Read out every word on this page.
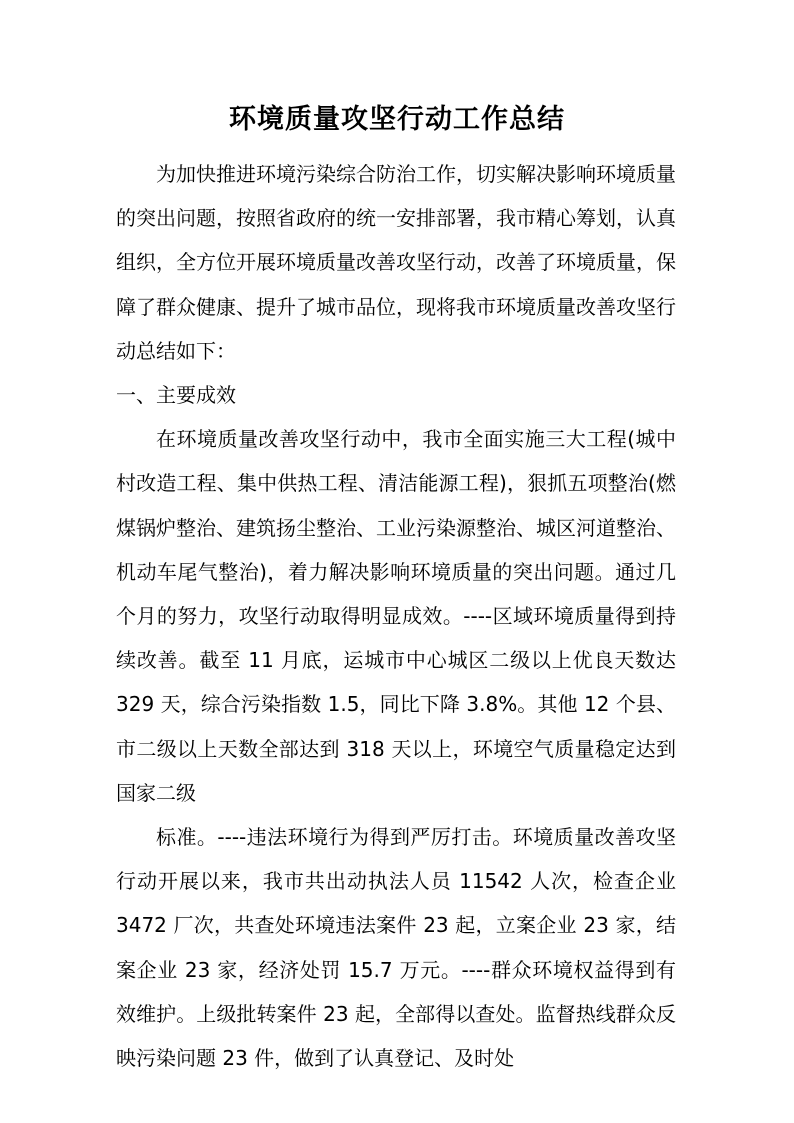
环境质量攻坚行动工作总结

为加快推进环境污染综合防治工作，切实解决影响环境质量的突出问题，按照省政府的统一安排部署，我市精心筹划，认真组织，全方位开展环境质量改善攻坚行动，改善了环境质量，保障了群众健康、提升了城市品位，现将我市环境质量改善攻坚行动总结如下：

一、主要成效

在环境质量改善攻坚行动中，我市全面实施三大工程(城中村改造工程、集中供热工程、清洁能源工程)，狠抓五项整治(燃煤锅炉整治、建筑扬尘整治、工业污染源整治、城区河道整治、机动车尾气整治)，着力解决影响环境质量的突出问题。通过几个月的努力，攻坚行动取得明显成效。----区域环境质量得到持续改善。截至 11 月底，运城市中心城区二级以上优良天数达 329 天，综合污染指数 1.5，同比下降 3.8%。其他 12 个县、市二级以上天数全部达到 318 天以上，环境空气质量稳定达到国家二级

标准。----违法环境行为得到严厉打击。环境质量改善攻坚行动开展以来，我市共出动执法人员 11542 人次，检查企业 3472 厂次，共查处环境违法案件 23 起，立案企业 23 家，结案企业 23 家，经济处罚 15.7 万元。----群众环境权益得到有效维护。上级批转案件 23 起，全部得以查处。监督热线群众反映污染问题 23 件，做到了认真登记、及时处
